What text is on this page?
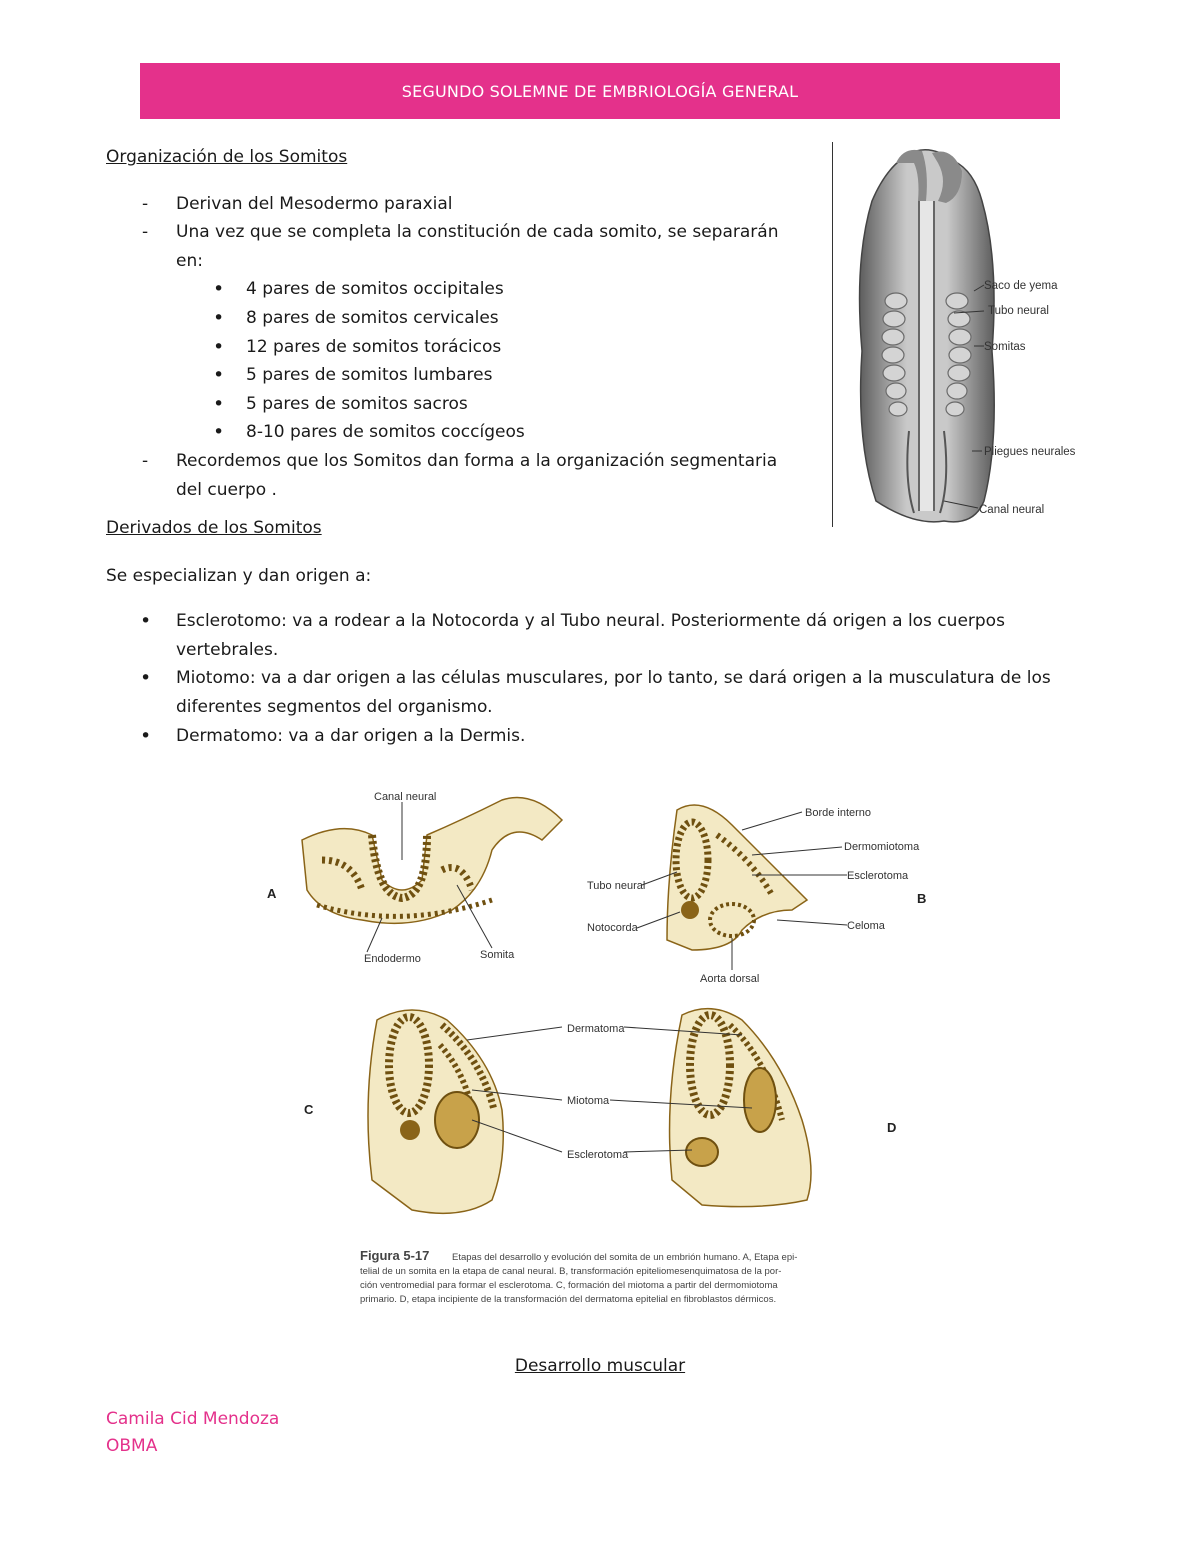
SEGUNDO SOLEMNE DE EMBRIOLOGÍA GENERAL
Organización de los Somitos
- Derivan del Mesodermo paraxial
- Una vez que se completa la constitución de cada somito, se separarán en:
• 4 pares de somitos occipitales
• 8 pares de somitos cervicales
• 12 pares de somitos torácicos
• 5 pares de somitos lumbares
• 5 pares de somitos sacros
• 8-10 pares de somitos coccígeos
- Recordemos que los Somitos dan forma a la organización segmentaria del cuerpo .
Saco de yema
Tubo neural
Somitas
Pliegues neurales
Canal neural
Derivados de los Somitos

Se especializan y dan origen a:

• Esclerotomo: va a rodear a la Notocorda y al Tubo neural. Posteriormente dá origen a los cuerpos vertebrales.
• Miotomo: va a dar origen a las células musculares, por lo tanto, se dará origen a la musculatura de los diferentes segmentos del organismo.
• Dermatomo: va a dar origen a la Dermis.
Canal neural
Endodermo	Somita
Borde interno
Dermomiotoma
Esclerotoma
Celoma
Tubo neural
Notocorda
Aorta dorsal
Dermatoma
Miotoma
Esclerotoma
A	B
C
D
Figura 5-17 Etapas del desarrollo y evolución del somita de un embrión humano. A, Etapa epi-
telial de un somita en la etapa de canal neural. B, transformación epiteliomesenquimatosa de la por-
ción ventromedial para formar el esclerotoma. C, formación del miotoma a partir del dermomiotoma
primario. D, etapa incipiente de la transformación del dermatoma epitelial en fibroblastos dérmicos.
Desarrollo muscular
Camila Cid Mendoza
OBMA
